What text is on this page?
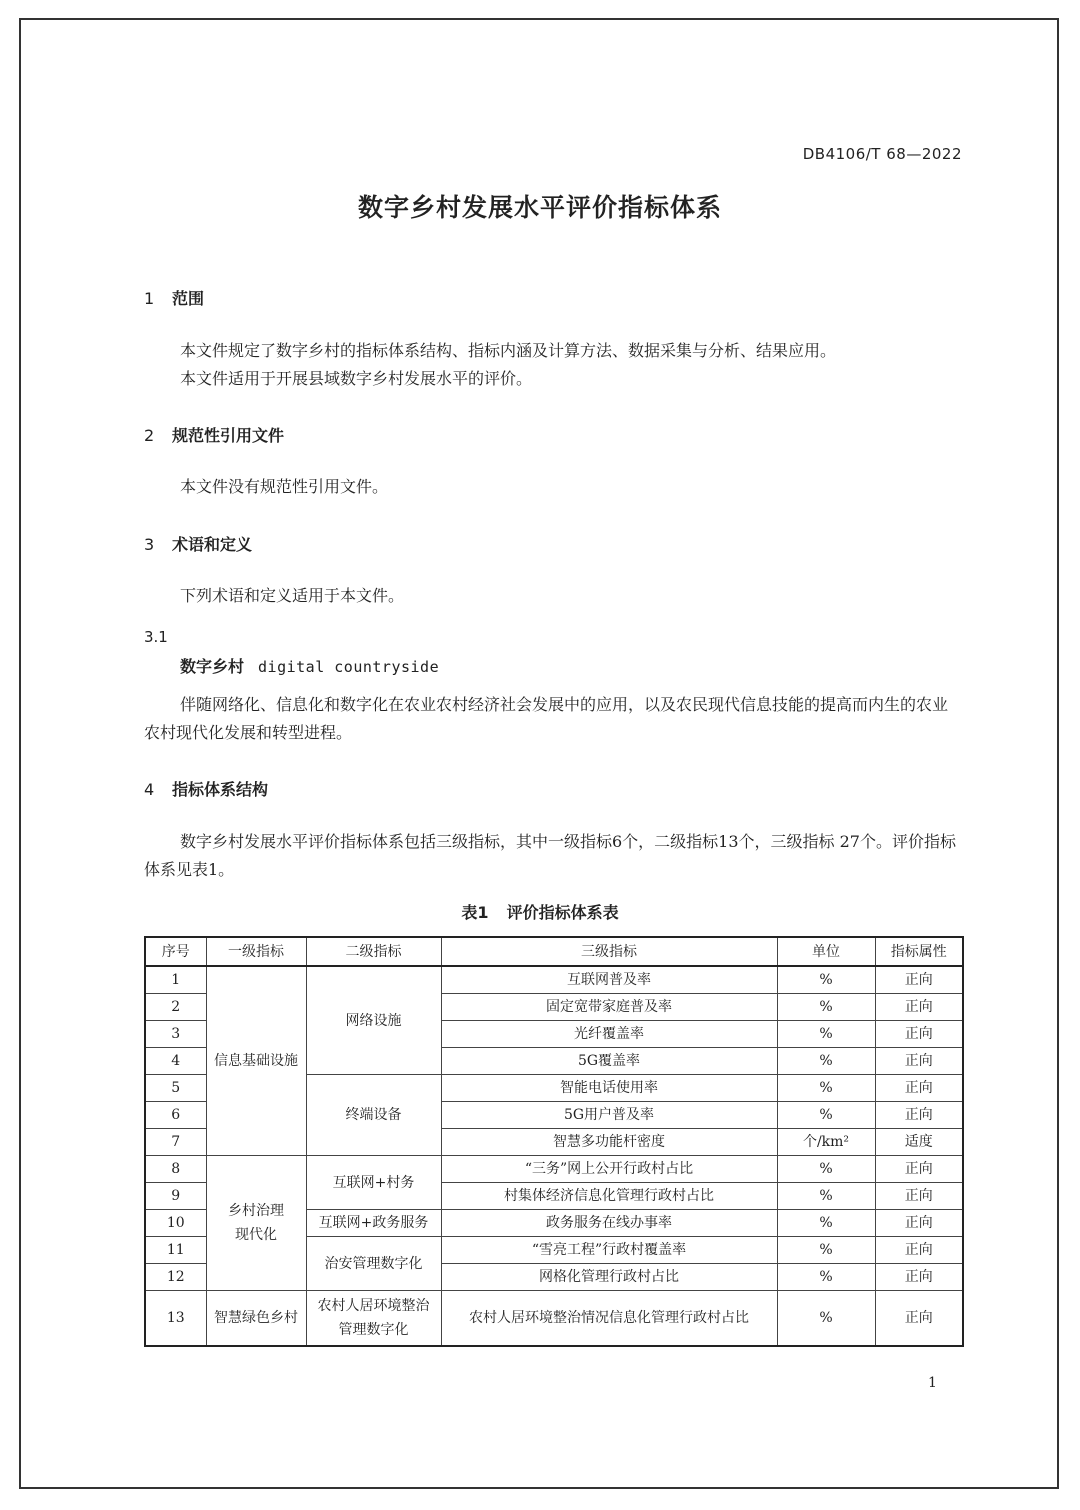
DB4106/T 68—2022
数字乡村发展水平评价指标体系
1 范围

本文件规定了数字乡村的指标体系结构、指标内涵及计算方法、数据采集与分析、结果应用。

本文件适用于开展县域数字乡村发展水平的评价。

2 规范性引用文件

本文件没有规范性引用文件。

3 术语和定义

下列术语和定义适用于本文件。

3.1
数字乡村 digital countryside

伴随网络化、信息化和数字化在农业农村经济社会发展中的应用，以及农民现代信息技能的提高而内生的农业农村现代化发展和转型进程。

4 指标体系结构

数字乡村发展水平评价指标体系包括三级指标，其中一级指标6个，二级指标13个，三级指标 27个。评价指标体系见表1。

表1 评价指标体系表
序号	一级指标	二级指标	三级指标	单位	指标属性
1	信息基础设施	网络设施	互联网普及率	%	正向
2			固定宽带家庭普及率	%	正向
3			光纤覆盖率	%	正向
4			5G覆盖率	%	正向
5		终端设备	智能电话使用率	%	正向
6			5G用户普及率	%	正向
7			智慧多功能杆密度	个/km²	适度
8	乡村治理现代化	互联网+村务	“三务”网上公开行政村占比	%	正向
9			村集体经济信息化管理行政村占比	%	正向
10		互联网+政务服务	政务服务在线办事率	%	正向
11		治安管理数字化	“雪亮工程”行政村覆盖率	%	正向
12			网格化管理行政村占比	%	正向
13	智慧绿色乡村	农村人居环境整治管理数字化	农村人居环境整治情况信息化管理行政村占比	%	正向
1
